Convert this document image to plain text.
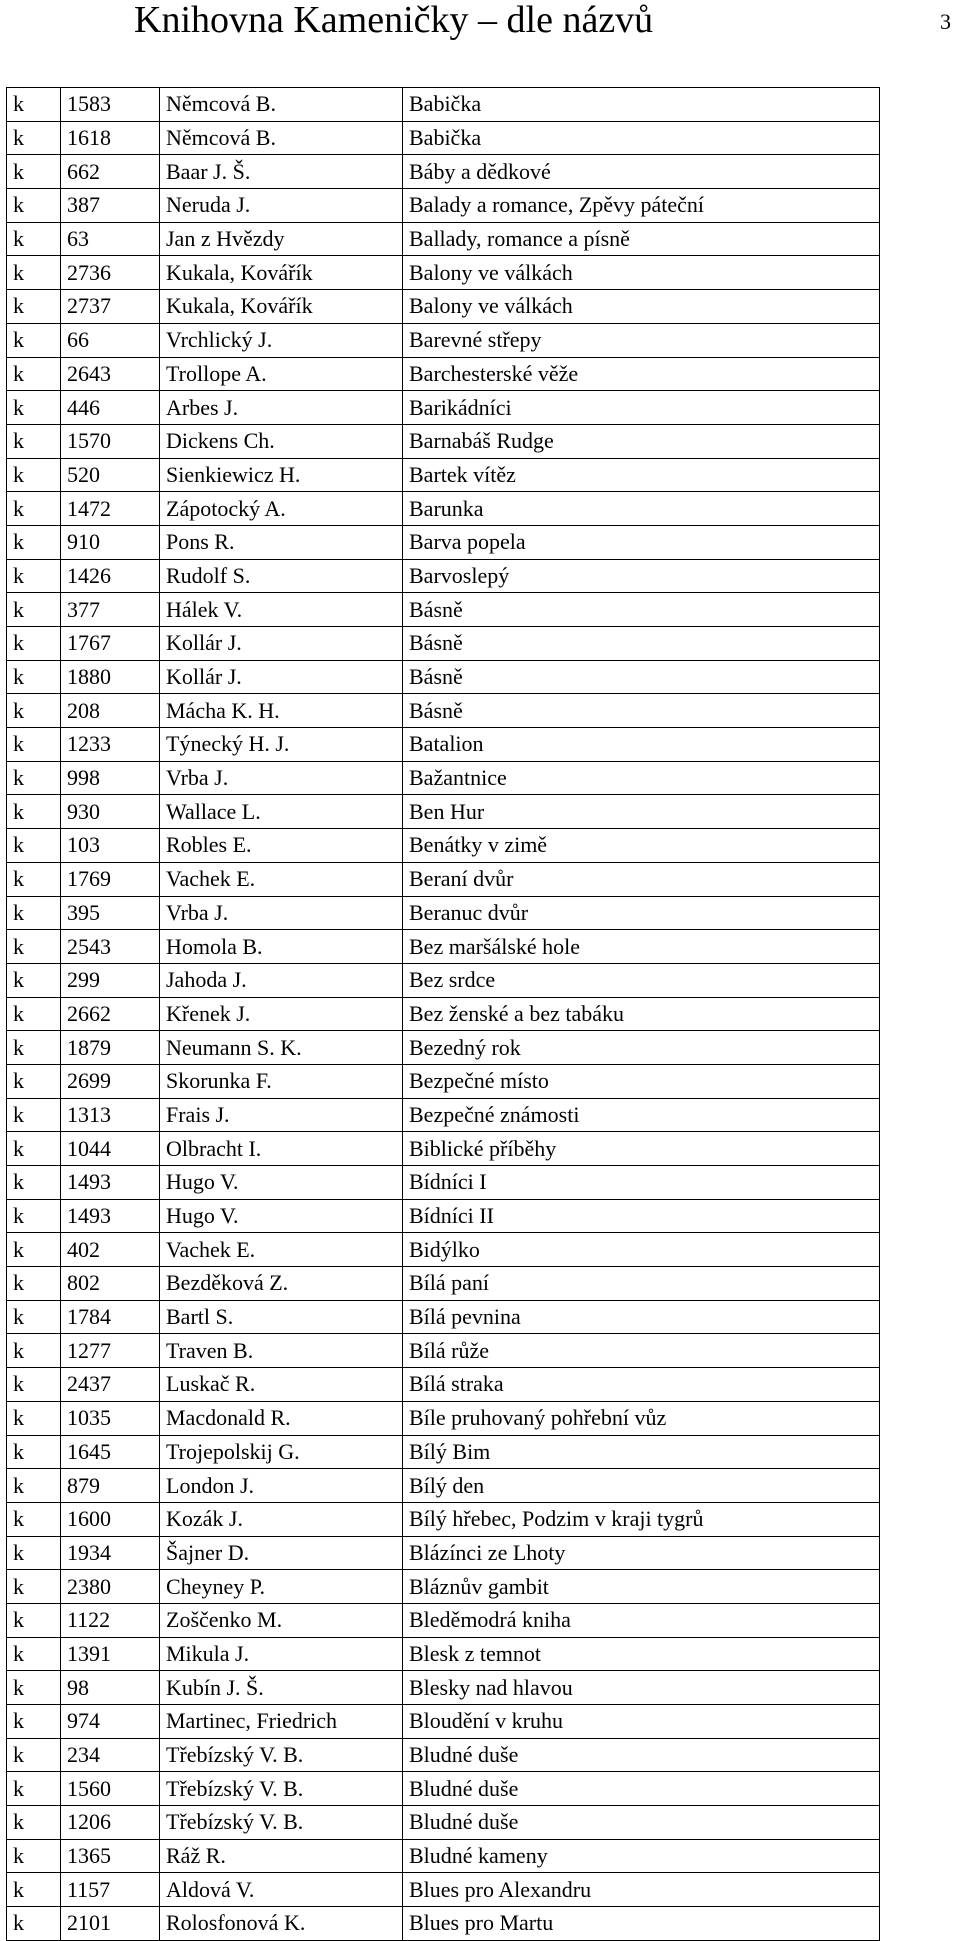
Knihovna Kameničky – dle názvů	3
k	1583	Němcová B.	Babička
k	1618	Němcová B.	Babička
k	662	Baar J. Š.	Báby a dědkové
k	387	Neruda J.	Balady a romance, Zpěvy páteční
k	63	Jan z Hvězdy	Ballady, romance a písně
k	2736	Kukala, Kovářík	Balony ve válkách
k	2737	Kukala, Kovářík	Balony ve válkách
k	66	Vrchlický J.	Barevné střepy
k	2643	Trollope A.	Barchesterské věže
k	446	Arbes J.	Barikádníci
k	1570	Dickens Ch.	Barnabáš Rudge
k	520	Sienkiewicz H.	Bartek vítěz
k	1472	Zápotocký A.	Barunka
k	910	Pons R.	Barva popela
k	1426	Rudolf S.	Barvoslepý
k	377	Hálek V.	Básně
k	1767	Kollár J.	Básně
k	1880	Kollár J.	Básně
k	208	Mácha K. H.	Básně
k	1233	Týnecký H. J.	Batalion
k	998	Vrba J.	Bažantnice
k	930	Wallace L.	Ben Hur
k	103	Robles E.	Benátky v zimě
k	1769	Vachek E.	Beraní dvůr
k	395	Vrba J.	Beranuc dvůr
k	2543	Homola B.	Bez maršálské hole
k	299	Jahoda J.	Bez srdce
k	2662	Křenek J.	Bez ženské a bez tabáku
k	1879	Neumann S. K.	Bezedný rok
k	2699	Skorunka F.	Bezpečné místo
k	1313	Frais J.	Bezpečné známosti
k	1044	Olbracht I.	Biblické příběhy
k	1493	Hugo V.	Bídníci I
k	1493	Hugo V.	Bídníci II
k	402	Vachek E.	Bidýlko
k	802	Bezděková Z.	Bílá paní
k	1784	Bartl S.	Bílá pevnina
k	1277	Traven B.	Bílá růže
k	2437	Luskač R.	Bílá straka
k	1035	Macdonald R.	Bíle pruhovaný pohřební vůz
k	1645	Trojepolskij G.	Bílý Bim
k	879	London J.	Bílý den
k	1600	Kozák J.	Bílý hřebec, Podzim v kraji tygrů
k	1934	Šajner D.	Blázínci ze Lhoty
k	2380	Cheyney P.	Bláznův gambit
k	1122	Zoščenko M.	Bleděmodrá kniha
k	1391	Mikula J.	Blesk z temnot
k	98	Kubín J. Š.	Blesky nad hlavou
k	974	Martinec, Friedrich	Bloudění v kruhu
k	234	Třebízský V. B.	Bludné duše
k	1560	Třebízský V. B.	Bludné duše
k	1206	Třebízský V. B.	Bludné duše
k	1365	Ráž R.	Bludné kameny
k	1157	Aldová V.	Blues pro Alexandru
k	2101	Rolosfonová K.	Blues pro Martu
